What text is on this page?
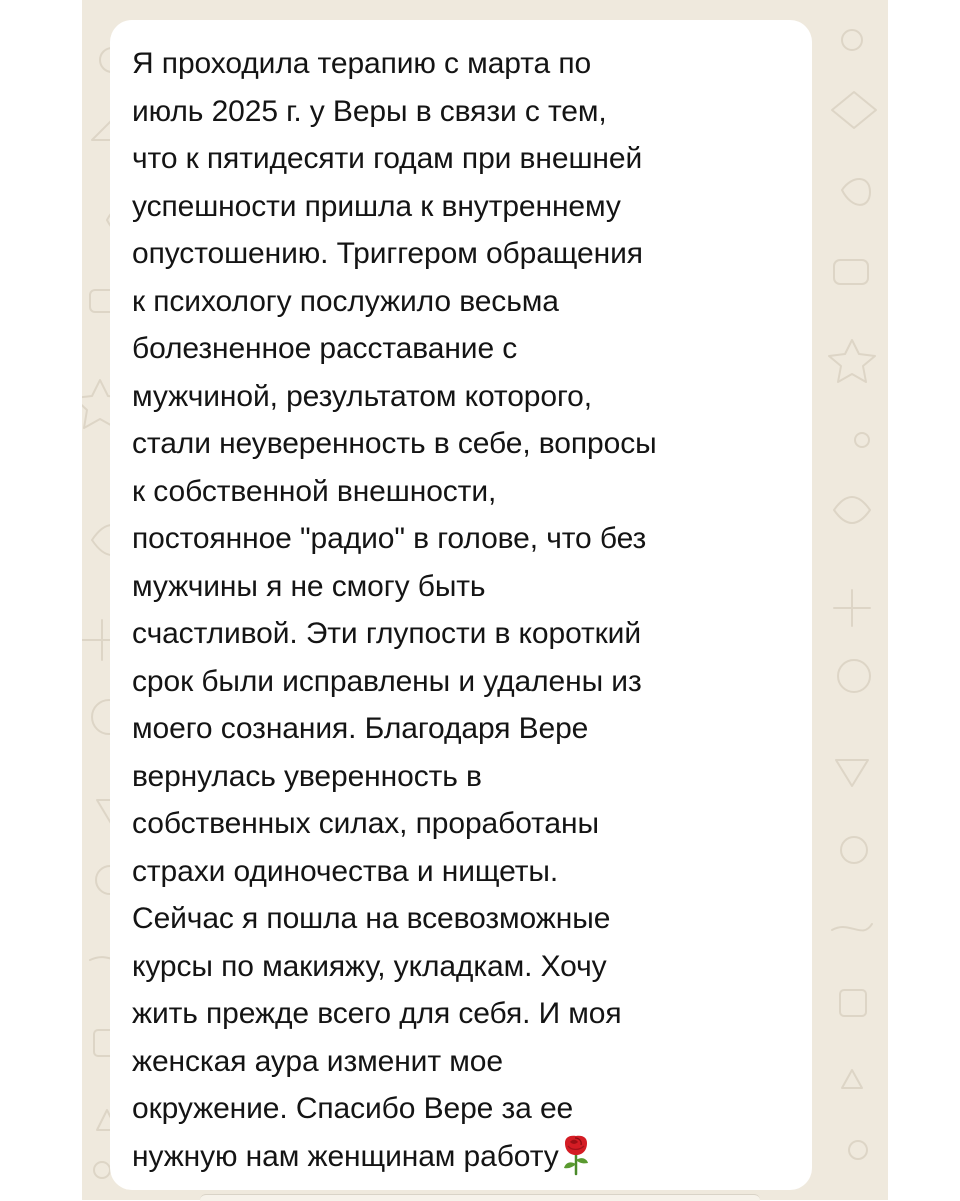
Я проходила терапию с марта по
июль 2025 г. у Веры в связи с тем,
что к пятидесяти годам при внешней
успешности пришла к внутреннему
опустошению. Триггером обращения
к психологу послужило весьма
болезненное расставание с
мужчиной, результатом которого,
стали неуверенность в себе, вопросы
к собственной внешности,
постоянное "радио" в голове, что без
мужчины я не смогу быть
счастливой. Эти глупости в короткий
срок были исправлены и удалены из
моего сознания. Благодаря Вере
вернулась уверенность в
собственных силах, проработаны
страхи одиночества и нищеты.
Сейчас я пошла на всевозможные
курсы по макияжу, укладкам. Хочу
жить прежде всего для себя. И моя
женская аура изменит мое
окружение. Спасибо Вере за ее
нужную нам женщинам работу
